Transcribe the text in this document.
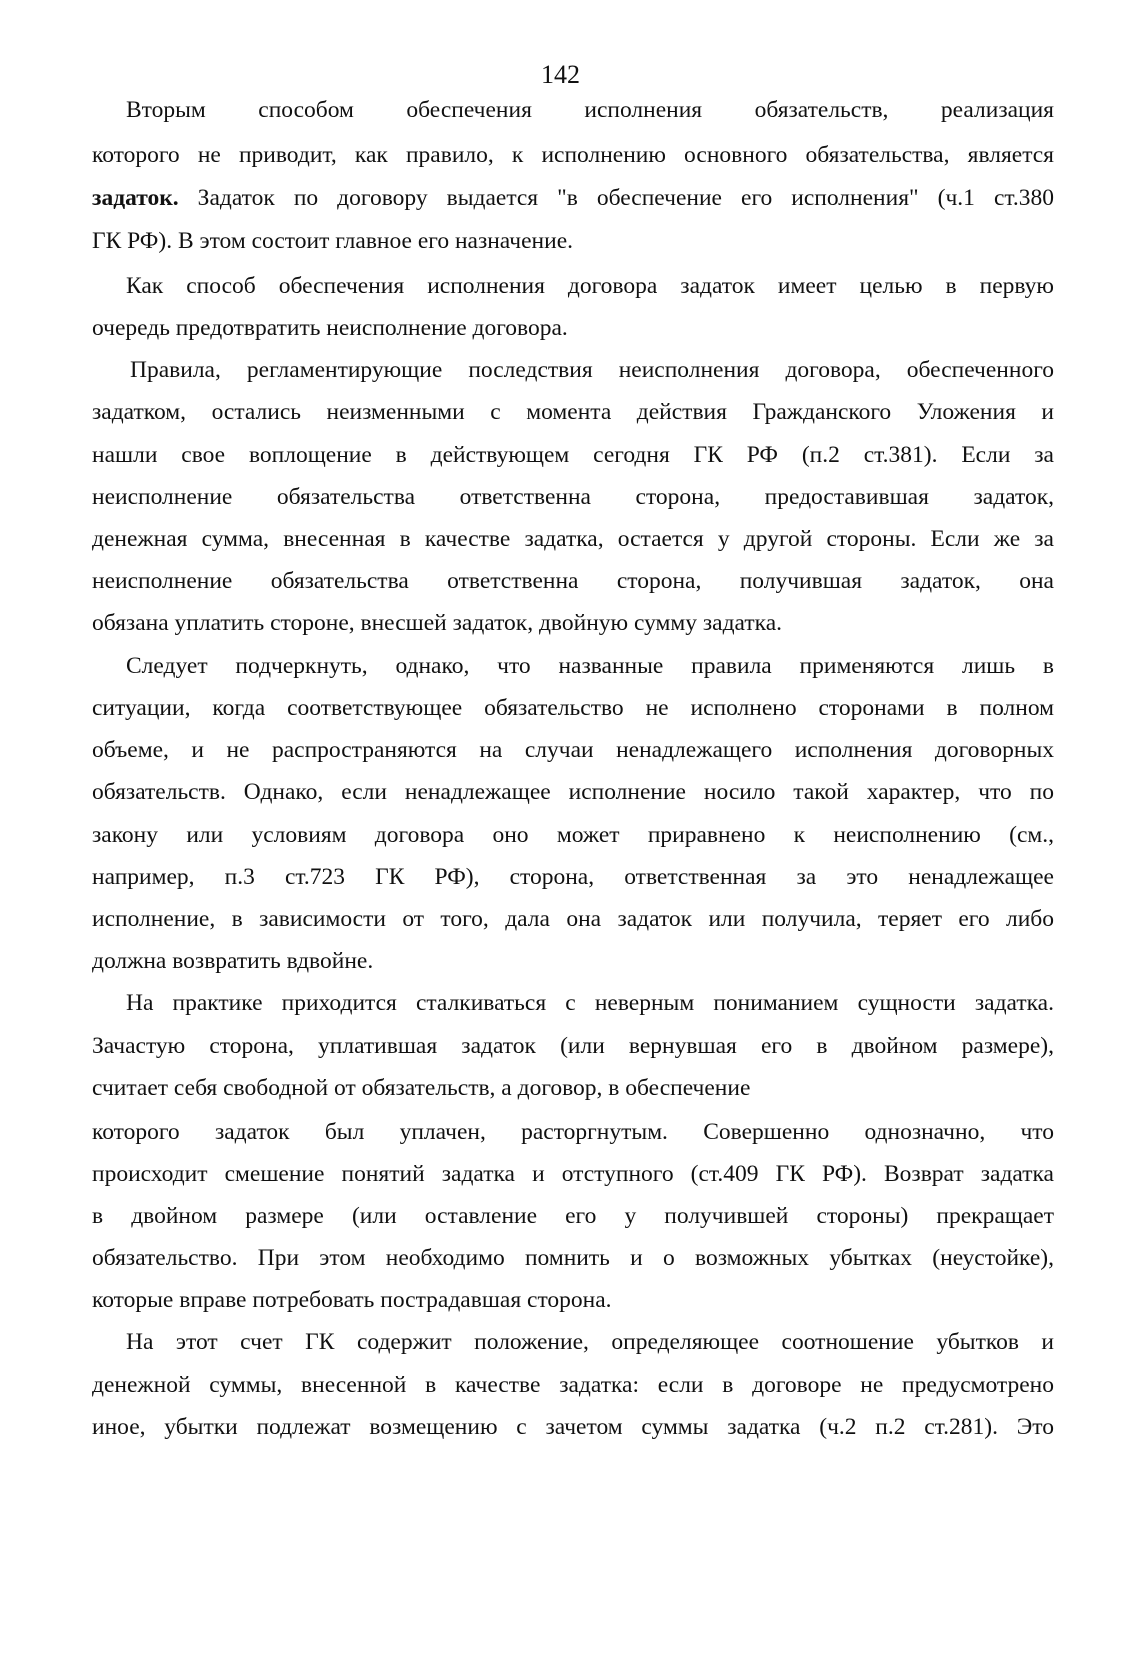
142
Вторым способом обеспечения исполнения обязательств, реализация
которого не приводит, как правило, к исполнению основного обязательства, является
задаток. Задаток по договору выдается "в обеспечение его исполнения" (ч.1 ст.380
ГК РФ). В этом состоит главное его назначение.
Как способ обеспечения исполнения договора задаток имеет целью в первую
очередь предотвратить неисполнение договора.
Правила, регламентирующие последствия неисполнения договора, обеспеченного
задатком, остались неизменными с момента действия Гражданского Уложения и
нашли свое воплощение в действующем сегодня ГК РФ (п.2 ст.381). Если за
неисполнение обязательства ответственна сторона, предоставившая задаток,
денежная сумма, внесенная в качестве задатка, остается у другой стороны. Если же за
неисполнение обязательства ответственна сторона, получившая задаток, она
обязана уплатить стороне, внесшей задаток, двойную сумму задатка.
Следует подчеркнуть, однако, что названные правила применяются лишь в
ситуации, когда соответствующее обязательство не исполнено сторонами в полном
объеме, и не распространяются на случаи ненадлежащего исполнения договорных
обязательств. Однако, если ненадлежащее исполнение носило такой характер, что по
закону или условиям договора оно может приравнено к неисполнению (см.,
например, п.3 ст.723 ГК РФ), сторона, ответственная за это ненадлежащее
исполнение, в зависимости от того, дала она задаток или получила, теряет его либо
должна возвратить вдвойне.
На практике приходится сталкиваться с неверным пониманием сущности задатка.
Зачастую сторона, уплатившая задаток (или вернувшая его в двойном размере),
считает себя свободной от обязательств, а договор, в обеспечение
которого задаток был уплачен, расторгнутым. Совершенно однозначно, что
происходит смешение понятий задатка и отступного (ст.409 ГК РФ). Возврат задатка
в двойном размере (или оставление его у получившей стороны) прекращает
обязательство. При этом необходимо помнить и о возможных убытках (неустойке),
которые вправе потребовать пострадавшая сторона.
На этот счет ГК содержит положение, определяющее соотношение убытков и
денежной суммы, внесенной в качестве задатка: если в договоре не предусмотрено
иное, убытки подлежат возмещению с зачетом суммы задатка (ч.2 п.2 ст.281). Это
